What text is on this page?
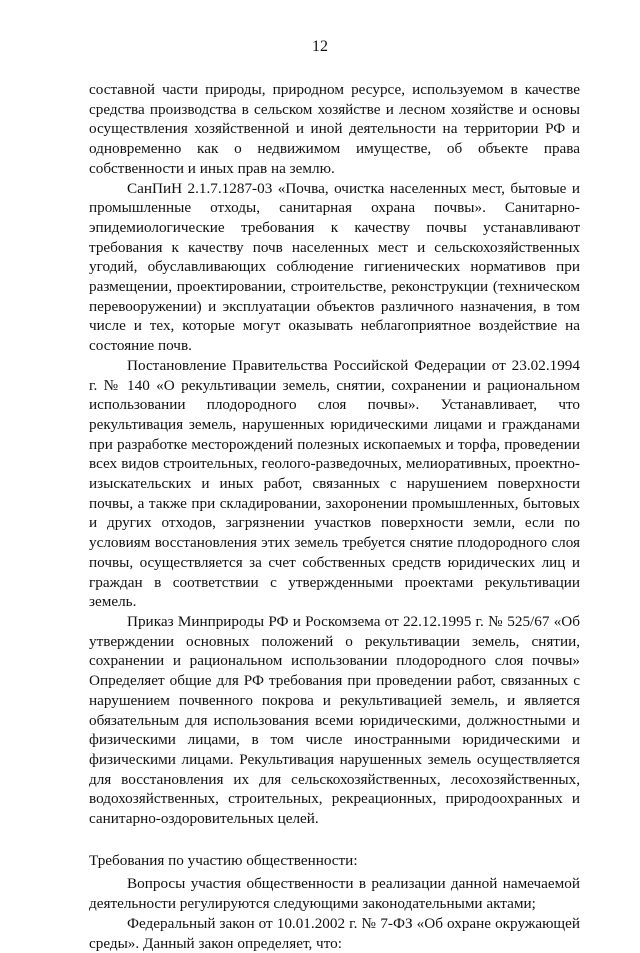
12

составной части природы, природном ресурсе, используемом в качестве средства производства в сельском хозяйстве и лесном хозяйстве и основы осуществления хозяйственной и иной деятельности на территории РФ и одновременно как о недвижимом имуществе, об объекте права собственности и иных прав на землю.

СанПиН 2.1.7.1287-03 «Почва, очистка населенных мест, бытовые и промышленные отходы, санитарная охрана почвы». Санитарно-эпидемиологические требования к качеству почвы устанавливают требования к качеству почв населенных мест и сельскохозяйственных угодий, обуславливающих соблюдение гигиенических нормативов при размещении, проектировании, строительстве, реконструкции (техническом перевооружении) и эксплуатации объектов различного назначения, в том числе и тех, которые могут оказывать неблагоприятное воздействие на состояние почв.

Постановление Правительства Российской Федерации от 23.02.1994 г. № 140 «О рекультивации земель, снятии, сохранении и рациональном использовании плодородного слоя почвы». Устанавливает, что рекультивация земель, нарушенных юридическими лицами и гражданами при разработке месторождений полезных ископаемых и торфа, проведении всех видов строительных, геолого-разведочных, мелиоративных, проектно-изыскательских и иных работ, связанных с нарушением поверхности почвы, а также при складировании, захоронении промышленных, бытовых и других отходов, загрязнении участков поверхности земли, если по условиям восстановления этих земель требуется снятие плодородного слоя почвы, осуществляется за счет собственных средств юридических лиц и граждан в соответствии с утвержденными проектами рекультивации земель.

Приказ Минприроды РФ и Роскомзема от 22.12.1995 г. № 525/67 «Об утверждении основных положений о рекультивации земель, снятии, сохранении и рациональном использовании плодородного слоя почвы» Определяет общие для РФ требования при проведении работ, связанных с нарушением почвенного покрова и рекультивацией земель, и является обязательным для использования всеми юридическими, должностными и физическими лицами, в том числе иностранными юридическими и физическими лицами. Рекультивация нарушенных земель осуществляется для восстановления их для сельскохозяйственных, лесохозяйственных, водохозяйственных, строительных, рекреационных, природоохранных и санитарно-оздоровительных целей.

Требования по участию общественности:

Вопросы участия общественности в реализации данной намечаемой деятельности регулируются следующими законодательными актами;

Федеральный закон от 10.01.2002 г. № 7-ФЗ «Об охране окружающей среды». Данный закон определяет, что:
